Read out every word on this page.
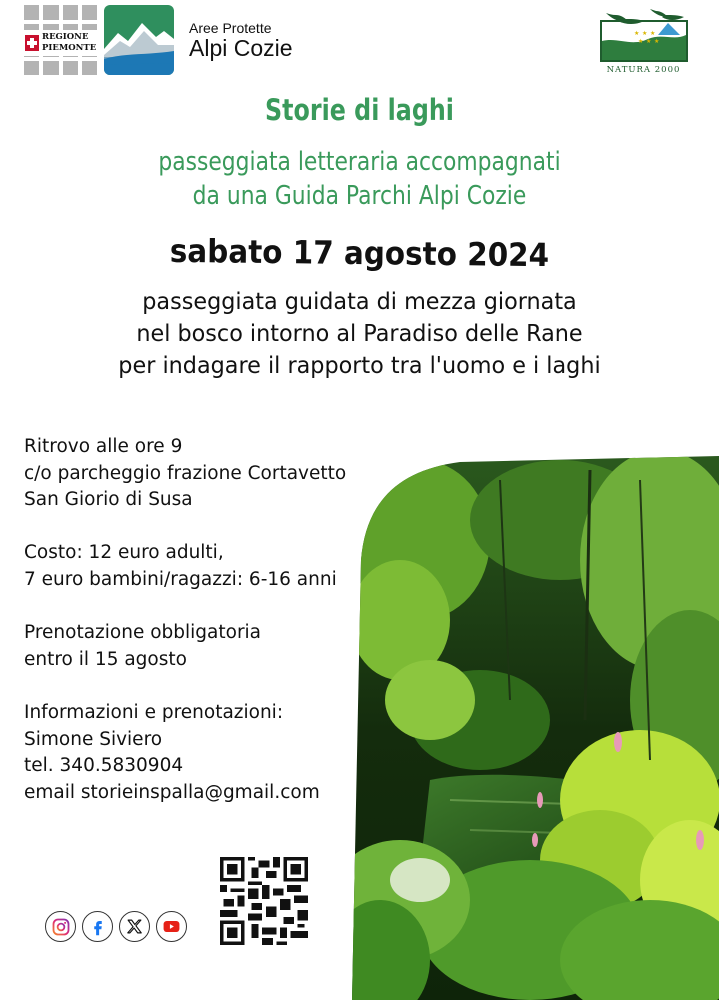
REGIONE
PIEMONTE
Aree Protette
Alpi Cozie
★ ★ ★
★ ★ ★
NATURA 2000
Storie di laghi
passeggiata letteraria accompagnati
da una Guida Parchi Alpi Cozie
sabato 17 agosto 2024
passeggiata guidata di mezza giornata
nel bosco intorno al Paradiso delle Rane
per indagare il rapporto tra l'uomo e i laghi

Ritrovo alle ore 9
c/o parcheggio frazione Cortavetto
San Giorio di Susa

Costo: 12 euro adulti,
7 euro bambini/ragazzi: 6-16 anni

Prenotazione obbligatoria
entro il 15 agosto

Informazioni e prenotazioni:
Simone Siviero
tel. 340.5830904
email storieinspalla@gmail.com
